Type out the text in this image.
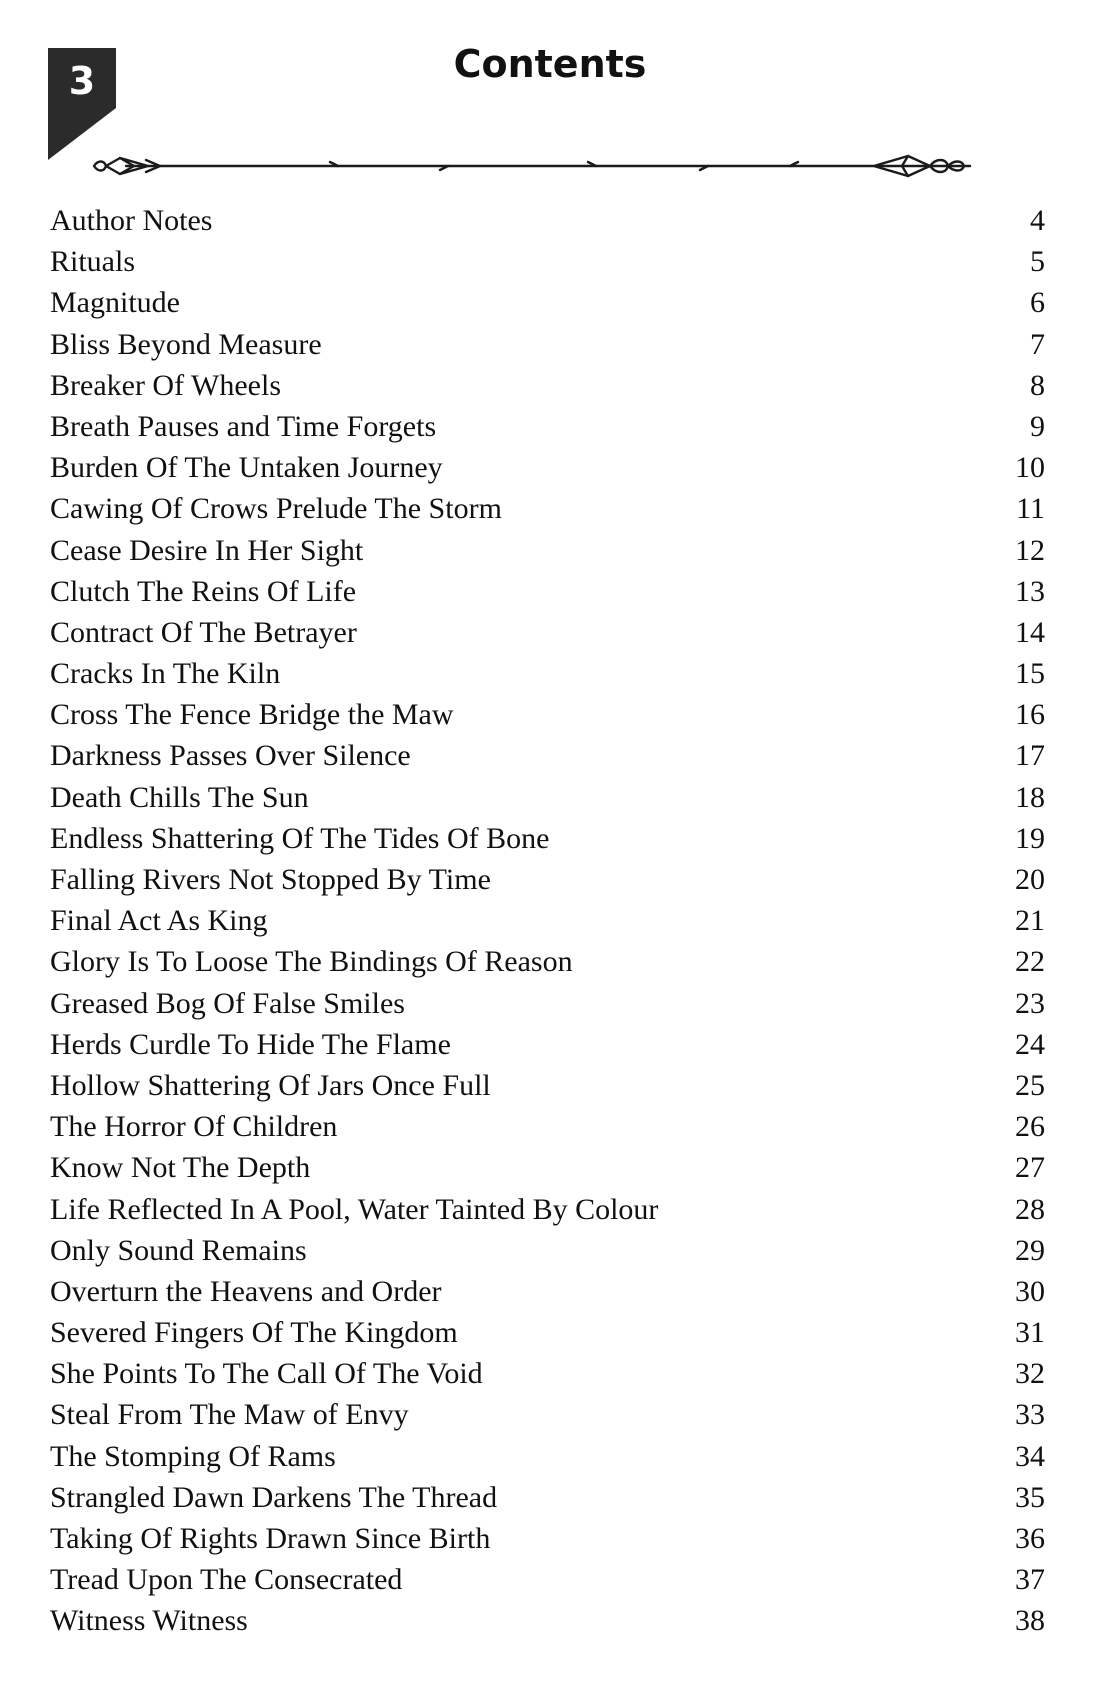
3	Contents
Author Notes	4
Rituals	5
Magnitude	6
Bliss Beyond Measure	7
Breaker Of Wheels	8
Breath Pauses and Time Forgets	9
Burden Of The Untaken Journey	10
Cawing Of Crows Prelude The Storm	11
Cease Desire In Her Sight	12
Clutch The Reins Of Life	13
Contract Of The Betrayer	14
Cracks In The Kiln	15
Cross The Fence Bridge the Maw	16
Darkness Passes Over Silence	17
Death Chills The Sun	18
Endless Shattering Of The Tides Of Bone	19
Falling Rivers Not Stopped By Time	20
Final Act As King	21
Glory Is To Loose The Bindings Of Reason	22
Greased Bog Of False Smiles	23
Herds Curdle To Hide The Flame	24
Hollow Shattering Of Jars Once Full	25
The Horror Of Children	26
Know Not The Depth	27
Life Reflected In A Pool, Water Tainted By Colour	28
Only Sound Remains	29
Overturn the Heavens and Order	30
Severed Fingers Of The Kingdom	31
She Points To The Call Of The Void	32
Steal From The Maw of Envy	33
The Stomping Of Rams	34
Strangled Dawn Darkens The Thread	35
Taking Of Rights Drawn Since Birth	36
Tread Upon The Consecrated	37
Witness Witness	38
